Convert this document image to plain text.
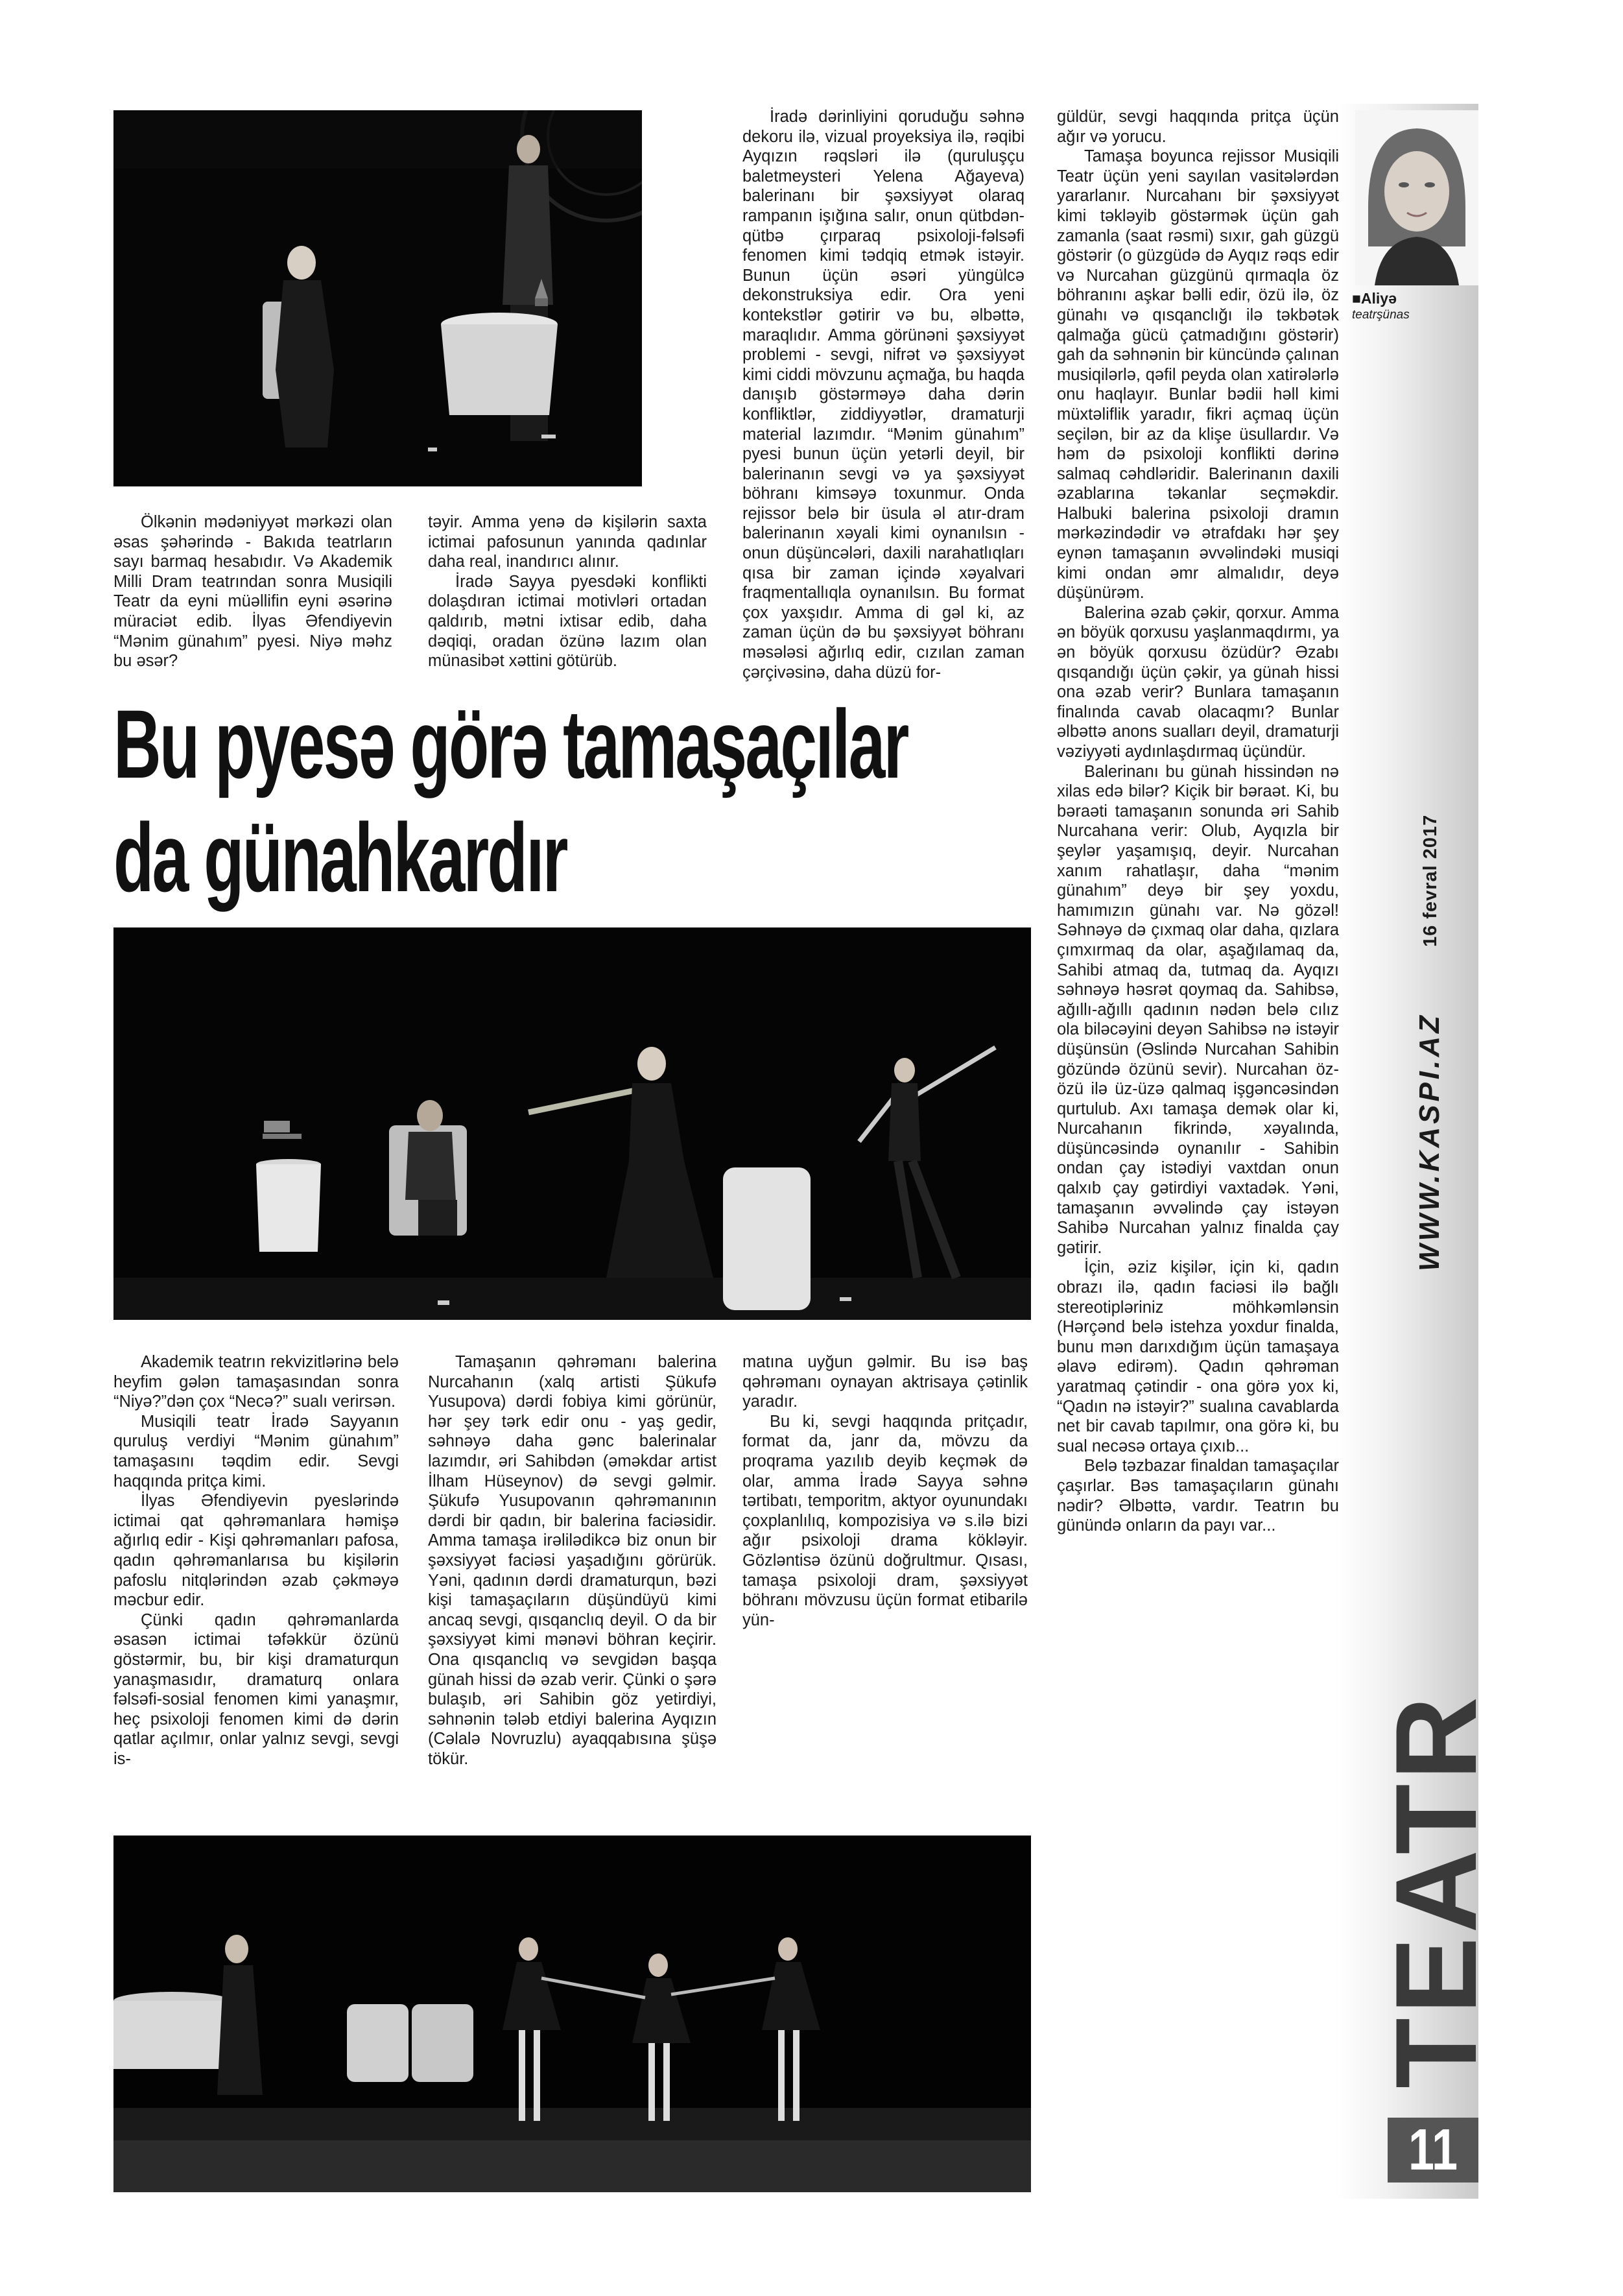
Ölkənin mədəniyyət mərkəzi olan əsas şəhərində - Bakıda teatrların sayı barmaq hesabıdır. Və Akademik Milli Dram teatrından sonra Musiqili Teatr da eyni müəllifin eyni əsərinə müraciət edib. İlyas Əfendiyevin “Mənim günahım” pyesi. Niyə məhz bu əsər?

təyir. Amma yenə də kişilərin saxta ictimai pafosunun yanında qadınlar daha real, inandırıcı alınır.

İradə Sayya pyesdəki konflikti dolaşdıran ictimai motivləri ortadan qaldırıb, mətni ixtisar edib, daha dəqiqi, oradan özünə lazım olan münasibət xəttini götürüb.

İradə dərinliyini qoruduğu səhnə dekoru ilə, vizual proyeksiya ilə, rəqibi Ayqızın rəqsləri ilə (quruluşçu baletmeysteri Yelena Ağayeva) balerinanı bir şəxsiyyət olaraq rampanın işığına salır, onun qütbdən-qütbə çırparaq psixoloji-fəlsəfi fenomen kimi tədqiq etmək istəyir. Bunun üçün əsəri yüngülcə dekonstruksiya edir. Ora yeni kontekstlər gətirir və bu, əlbəttə, maraqlıdır. Amma görünəni şəxsiyyət problemi - sevgi, nifrət və şəxsiyyət kimi ciddi mövzunu açmağa, bu haqda danışıb göstərməyə daha dərin konfliktlər, ziddiyyətlər, dramaturji material lazımdır. “Mənim günahım” pyesi bunun üçün yetərli deyil, bir balerinanın sevgi və ya şəxsiyyət böhranı kimsəyə toxunmur. Onda rejissor belə bir üsula əl atır-dram balerinanın xəyali kimi oynanılsın - onun düşüncələri, daxili narahatlıqları qısa bir zaman içində xəyalvari fraqmentallıqla oynanılsın. Bu format çox yaxşıdır. Amma di gəl ki, az zaman üçün də bu şəxsiyyət böhranı məsələsi ağırlıq edir, cızılan zaman çərçivəsinə, daha düzü for-

Bu pyesə görə tamaşaçılar
da günahkardır

Akademik teatrın rekvizitlərinə belə heyfim gələn tamaşasından sonra “Niyə?”dən çox “Necə?” sualı verirsən.

Musiqili teatr İradə Sayyanın quruluş verdiyi “Mənim günahım” tamaşasını təqdim edir. Sevgi haqqında pritça kimi.

İlyas Əfendiyevin pyeslərində ictimai qat qəhrəmanlara həmişə ağırlıq edir - Kişi qəhrəmanları pafosa, qadın qəhrəmanlarısa bu kişilərin pafoslu nitqlərindən əzab çəkməyə məcbur edir.

Çünki qadın qəhrəmanlarda əsasən ictimai təfəkkür özünü göstərmir, bu, bir kişi dramaturqun yanaşmasıdır, dramaturq onlara fəlsəfi-sosial fenomen kimi yanaşmır, heç psixoloji fenomen kimi də dərin qatlar açılmır, onlar yalnız sevgi, sevgi is-

Tamaşanın qəhrəmanı balerina Nurcahanın (xalq artisti Şükufə Yusupova) dərdi fobiya kimi görünür, hər şey tərk edir onu - yaş gedir, səhnəyə daha gənc balerinalar lazımdır, əri Sahibdən (əməkdar artist İlham Hüseynov) də sevgi gəlmir. Şükufə Yusupovanın qəhrəmanının dərdi bir qadın, bir balerina faciəsidir. Amma tamaşa irəlilədikcə biz onun bir şəxsiyyət faciəsi yaşadığını görürük. Yəni, qadının dərdi dramaturqun, bəzi kişi tamaşaçıların düşündüyü kimi ancaq sevgi, qısqanclıq deyil. O da bir şəxsiyyət kimi mənəvi böhran keçirir. Ona qısqanclıq və sevgidən başqa günah hissi də əzab verir. Çünki o şərə bulaşıb, əri Sahibin göz yetirdiyi, səhnənin tələb etdiyi balerina Ayqızın (Cəlalə Novruzlu) ayaqqabısına şüşə tökür.

matına uyğun gəlmir. Bu isə baş qəhrəmanı oynayan aktrisaya çətinlik yaradır.

Bu ki, sevgi haqqında pritçadır, format da, janr da, mövzu da proqrama yazılıb deyib keçmək də olar, amma İradə Sayya səhnə tərtibatı, temporitm, aktyor oyunundakı çoxplanlılıq, kompozisiya və s.ilə bizi ağır psixoloji drama kökləyir. Gözləntisə özünü doğrultmur. Qısası, tamaşa psixoloji dram, şəxsiyyət böhranı mövzusu üçün format etibarilə yün-

güldür, sevgi haqqında pritça üçün ağır və yorucu.

Tamaşa boyunca rejissor Musiqili Teatr üçün yeni sayılan vasitələrdən yararlanır. Nurcahanı bir şəxsiyyət kimi təkləyib göstərmək üçün gah zamanla (saat rəsmi) sıxır, gah güzgü göstərir (o güzgüdə də Ayqız rəqs edir və Nurcahan güzgünü qırmaqla öz böhranını aşkar bəlli edir, özü ilə, öz günahı və qısqanclığı ilə təkbətək qalmağa gücü çatmadığını göstərir) gah da səhnənin bir küncündə çalınan musiqilərlə, qəfil peyda olan xatirələrlə onu haqlayır. Bunlar bədii həll kimi müxtəliflik yaradır, fikri açmaq üçün seçilən, bir az da klişe üsullardır. Və həm də psixoloji konflikti dərinə salmaq cəhdləridir. Balerinanın daxili əzablarına təkanlar seçməkdir. Halbuki balerina psixoloji dramın mərkəzindədir və ətrafdakı hər şey eynən tamaşanın əvvəlindəki musiqi kimi ondan əmr almalıdır, deyə düşünürəm.

Balerina əzab çəkir, qorxur. Amma ən böyük qorxusu yaşlanmaqdırmı, ya ən böyük qorxusu özüdür? Əzabı qısqandığı üçün çəkir, ya günah hissi ona əzab verir? Bunlara tamaşanın finalında cavab olacaqmı? Bunlar əlbəttə anons sualları deyil, dramaturji vəziyyəti aydınlaşdırmaq üçündür.

Balerinanı bu günah hissindən nə xilas edə bilər? Kiçik bir bəraət. Ki, bu bəraəti tamaşanın sonunda əri Sahib Nurcahana verir: Olub, Ayqızla bir şeylər yaşamışıq, deyir. Nurcahan xanım rahatlaşır, daha “mənim günahım” deyə bir şey yoxdu, hamımızın günahı var. Nə gözəl! Səhnəyə də çıxmaq olar daha, qızlara çımxırmaq da olar, aşağılamaq da, Sahibi atmaq da, tutmaq da. Ayqızı səhnəyə həsrət qoymaq da. Sahibsə, ağıllı-ağıllı qadının nədən belə cılız ola biləcəyini deyən Sahibsə nə istəyir düşünsün (Əslində Nurcahan Sahibin gözündə özünü sevir). Nurcahan öz-özü ilə üz-üzə qalmaq işgəncəsindən qurtulub. Axı tamaşa demək olar ki, Nurcahanın fikrində, xəyalında, düşüncəsində oynanılır - Sahibin ondan çay istədiyi vaxtdan onun qalxıb çay gətirdiyi vaxtadək. Yəni, tamaşanın əvvəlində çay istəyən Sahibə Nurcahan yalnız finalda çay gətirir.

İçin, əziz kişilər, için ki, qadın obrazı ilə, qadın faciəsi ilə bağlı stereotipləriniz möhkəmlənsin (Hərçənd belə istehza yoxdur finalda, bunu mən darıxdığım üçün tamaşaya əlavə edirəm). Qadın qəhrəman yaratmaq çətindir - ona görə yox ki, “Qadın nə istəyir?” sualına cavablarda net bir cavab tapılmır, ona görə ki, bu sual necəsə ortaya çıxıb...

Belə təzbazar finaldan tamaşaçılar çaşırlar. Bəs tamaşaçıların günahı nədir? Əlbəttə, vardır. Teatrın bu günündə onların da payı var...

■Aliyə
teatrşünas
16 fevral 2017
WWW.KASPI.AZ
TEATR
11
